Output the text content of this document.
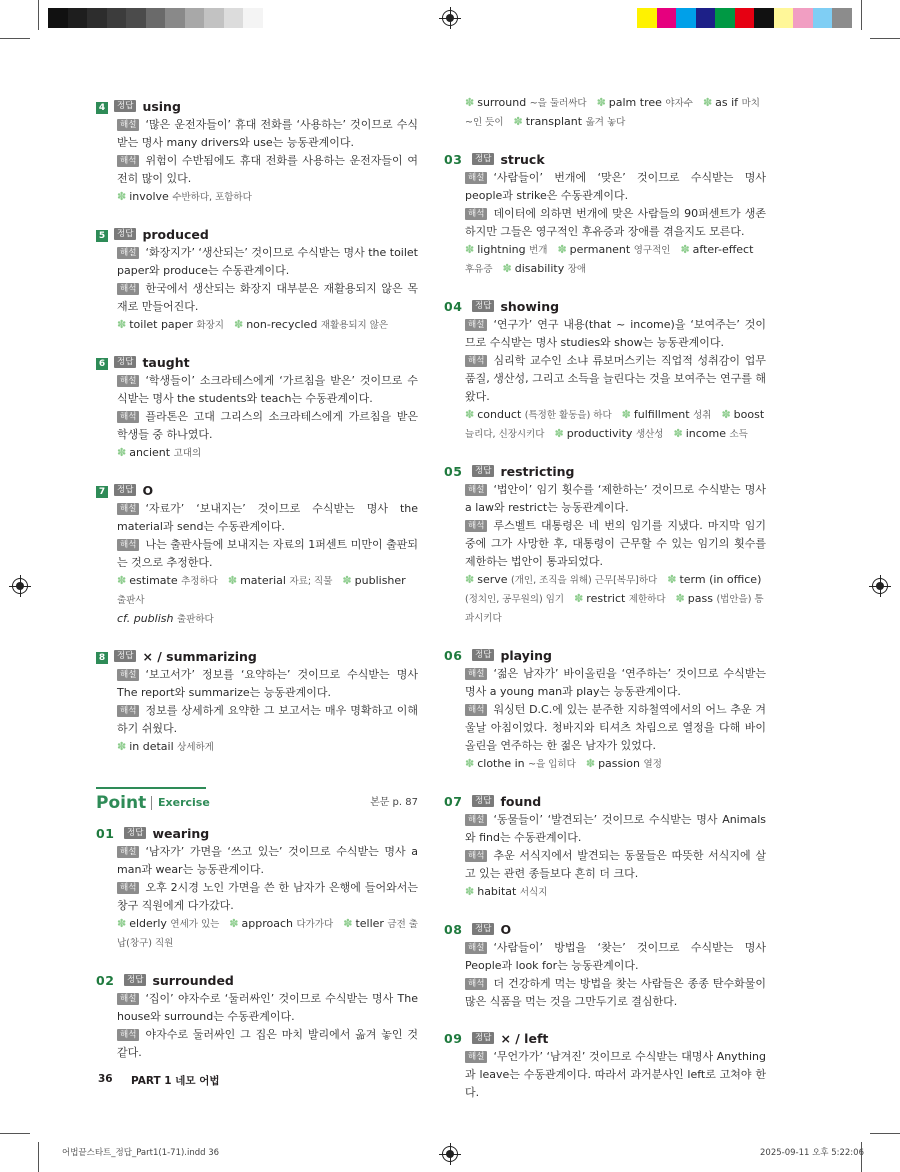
4	정답 using
해설 ‘많은 운전자들이’ 휴대 전화를 ‘사용하는’ 것이므로 수식받는 명사 many drivers와 use는 능동관계이다.
해석 위험이 수반됨에도 휴대 전화를 사용하는 운전자들이 여전히 많이 있다.
✽ involve 수반하다, 포함하다
5	정답 produced
해설 ‘화장지가’ ‘생산되는’ 것이므로 수식받는 명사 the toilet paper와 produce는 수동관계이다.
해석 한국에서 생산되는 화장지 대부분은 재활용되지 않은 목재로 만들어진다.
✽ toilet paper 화장지 ✽ non-recycled 재활용되지 않은
6	정답 taught
해설 ‘학생들이’ 소크라테스에게 ‘가르침을 받은’ 것이므로 수식받는 명사 the students와 teach는 수동관계이다.
해석 플라톤은 고대 그리스의 소크라테스에게 가르침을 받은 학생들 중 하나였다.
✽ ancient 고대의
7	정답 O
해설 ‘자료가’ ‘보내지는’ 것이므로 수식받는 명사 the material과 send는 수동관계이다.
해석 나는 출판사들에 보내지는 자료의 1퍼센트 미만이 출판되는 것으로 추정한다.
✽ estimate 추정하다 ✽ material 자료; 직물 ✽ publisher 출판사
cf. publish 출판하다
8	정답 × / summarizing
해설 ‘보고서가’ 정보를 ‘요약하는’ 것이므로 수식받는 명사 The report와 summarize는 능동관계이다.
해석 정보를 상세하게 요약한 그 보고서는 매우 명확하고 이해하기 쉬웠다.
✽ in detail 상세하게
Point Exercise	본문 p. 87
01	정답 wearing
해설 ‘남자가’ 가면을 ‘쓰고 있는’ 것이므로 수식받는 명사 a man과 wear는 능동관계이다.
해석 오후 2시경 노인 가면을 쓴 한 남자가 은행에 들어와서는 창구 직원에게 다가갔다.
✽ elderly 연세가 있는 ✽ approach 다가가다 ✽ teller 금전 출납(창구) 직원
02	정답 surrounded
해설 ‘집이’ 야자수로 ‘둘러싸인’ 것이므로 수식받는 명사 The house와 surround는 수동관계이다.
해석 야자수로 둘러싸인 그 집은 마치 발리에서 옮겨 놓인 것 같다.
✽ surround ~을 둘러싸다 ✽ palm tree 야자수 ✽ as if 마치 ~인 듯이 ✽ transplant 옮겨 놓다
03	정답 struck
해설 ‘사람들이’ 번개에 ‘맞은’ 것이므로 수식받는 명사 people과 strike은 수동관계이다.
해석 데이터에 의하면 번개에 맞은 사람들의 90퍼센트가 생존하지만 그들은 영구적인 후유증과 장애를 겪을지도 모른다.
✽ lightning 번개 ✽ permanent 영구적인 ✽ after-effect 후유증 ✽ disability 장애
04	정답 showing
해설 ‘연구가’ 연구 내용(that ~ income)을 ‘보여주는’ 것이므로 수식받는 명사 studies와 show는 능동관계이다.
해석 심리학 교수인 소냐 류보머스키는 직업적 성취감이 업무 품질, 생산성, 그리고 소득을 늘린다는 것을 보여주는 연구를 해왔다.
✽ conduct (특정한 활동을) 하다 ✽ fulfillment 성취 ✽ boost 늘리다, 신장시키다 ✽ productivity 생산성 ✽ income 소득
05	정답 restricting
해설 ‘법안이’ 임기 횟수를 ‘제한하는’ 것이므로 수식받는 명사 a law와 restrict는 능동관계이다.
해석 루스벨트 대통령은 네 번의 임기를 지냈다. 마지막 임기 중에 그가 사망한 후, 대통령이 근무할 수 있는 임기의 횟수를 제한하는 법안이 통과되었다.
✽ serve (개인, 조직을 위해) 근무[복무]하다 ✽ term (in office) (정치인, 공무원의) 임기 ✽ restrict 제한하다 ✽ pass (법안을) 통과시키다
06	정답 playing
해설 ‘젊은 남자가’ 바이올린을 ‘연주하는’ 것이므로 수식받는 명사 a young man과 play는 능동관계이다.
해석 워싱턴 D.C.에 있는 분주한 지하철역에서의 어느 추운 겨울날 아침이었다. 청바지와 티셔츠 차림으로 열정을 다해 바이올린을 연주하는 한 젊은 남자가 있었다.
✽ clothe in ~을 입히다 ✽ passion 열정
07	정답 found
해설 ‘동물들이’ ‘발견되는’ 것이므로 수식받는 명사 Animals와 find는 수동관계이다.
해석 추운 서식지에서 발견되는 동물들은 따뜻한 서식지에 살고 있는 관련 종들보다 흔히 더 크다.
✽ habitat 서식지
08	정답 O
해설 ‘사람들이’ 방법을 ‘찾는’ 것이므로 수식받는 명사 People과 look for는 능동관계이다.
해석 더 건강하게 먹는 방법을 찾는 사람들은 종종 탄수화물이 많은 식품을 먹는 것을 그만두기로 결심한다.
09	정답 × / left
해설 ‘무언가가’ ‘남겨진’ 것이므로 수식받는 대명사 Anything과 leave는 수동관계이다. 따라서 과거분사인 left로 고쳐야 한다.
36 PART 1 네모 어법
어법끝스타트_정답_Part1(1-71).indd 36	2025-09-11 오후 5:22:06
